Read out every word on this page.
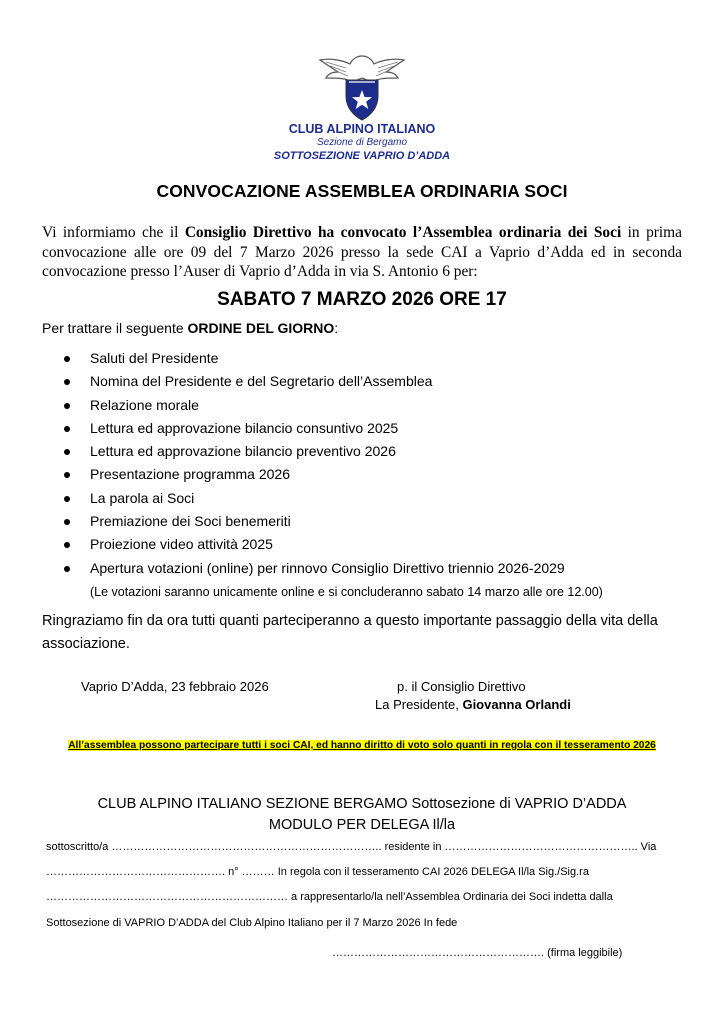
CLUB ALPINO ITALIANO
Sezione di Bergamo
SOTTOSEZIONE VAPRIO D’ADDA
CONVOCAZIONE ASSEMBLEA ORDINARIA SOCI
Vi informiamo che il Consiglio Direttivo ha convocato l’Assemblea ordinaria dei Soci in prima convocazione alle ore 09 del 7 Marzo 2026 presso la sede CAI a Vaprio d’Adda ed in seconda convocazione presso l’Auser di Vaprio d’Adda in via S. Antonio 6 per:
SABATO 7 MARZO 2026 ORE 17
Per trattare il seguente ORDINE DEL GIORNO:
Saluti del Presidente
Nomina del Presidente e del Segretario dell’Assemblea
Relazione morale
Lettura ed approvazione bilancio consuntivo 2025
Lettura ed approvazione bilancio preventivo 2026
Presentazione programma 2026
La parola ai Soci
Premiazione dei Soci benemeriti
Proiezione video attività 2025
Apertura votazioni (online) per rinnovo Consiglio Direttivo triennio 2026-2029
(Le votazioni saranno unicamente online e si concluderanno sabato 14 marzo alle ore 12.00)
Ringraziamo fin da ora tutti quanti parteciperanno a questo importante passaggio della vita della associazione.
Vaprio D’Adda, 23 febbraio 2026	p. il Consiglio Direttivo
La Presidente, Giovanna Orlandi
All’assemblea possono partecipare tutti i soci CAI, ed hanno diritto di voto solo quanti in regola con il tesseramento 2026
CLUB ALPINO ITALIANO SEZIONE BERGAMO Sottosezione di VAPRIO D’ADDA
MODULO PER DELEGA Il/la
sottoscritto/a ……………………………………………………………….. residente in …………………………………………….. Via
…………………………………………. n° ……… In regola con il tesseramento CAI 2026 DELEGA Il/la Sig./Sig.ra
………………………………………………………… a rappresentarlo/la nell’Assemblea Ordinaria dei Soci indetta dalla
Sottosezione di VAPRIO D’ADDA del Club Alpino Italiano per il 7 Marzo 2026 In fede
…………………………………………………. (firma leggibile)
